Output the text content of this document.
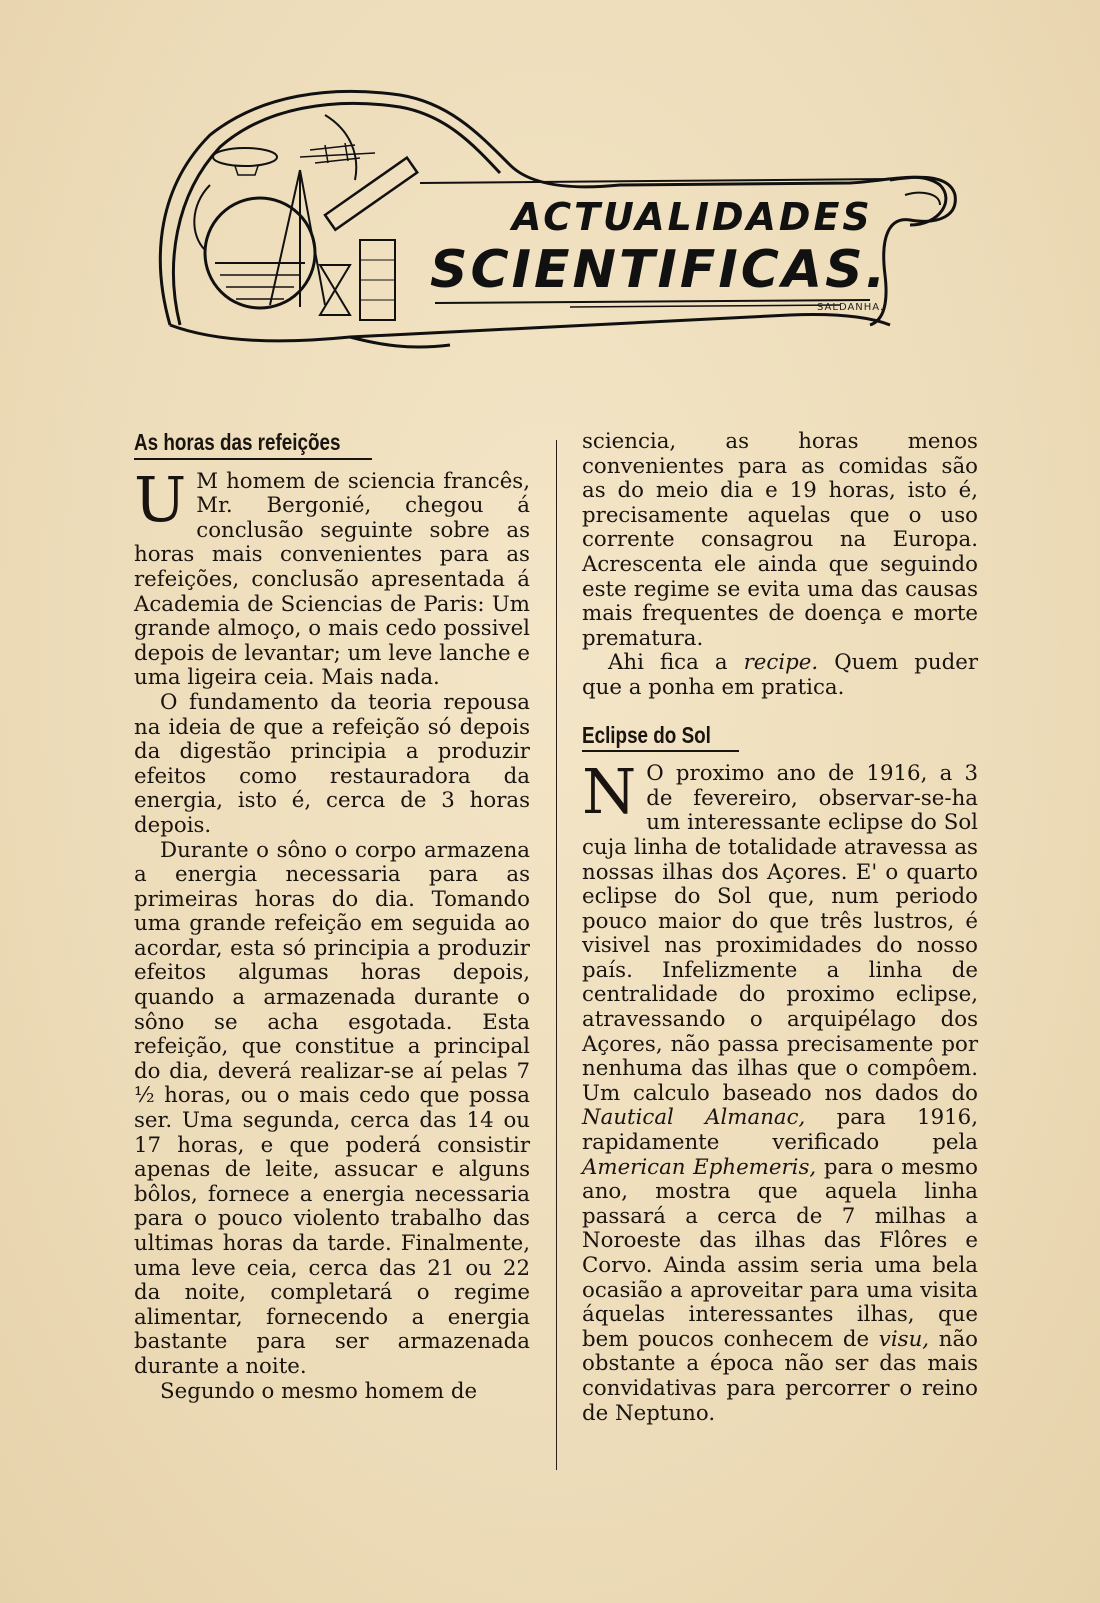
ACTUALIDADES
SCIENTIFICAS.
SALDANHA.
As horas das refeições

U M homem de sciencia francês, Mr. Bergonié, chegou á conclusão seguinte sobre as horas mais convenientes para as refeições, conclusão apresentada á Academia de Sciencias de Paris: Um grande almoço, o mais cedo possivel depois de levantar; um leve lanche e uma ligeira ceia. Mais nada.

O fundamento da teoria repousa na ideia de que a refeição só depois da digestão principia a produzir efeitos como restauradora da energia, isto é, cerca de 3 horas depois.

Durante o sôno o corpo armazena a energia necessaria para as primeiras horas do dia. Tomando uma grande refeição em seguida ao acordar, esta só principia a produzir efeitos algumas horas depois, quando a armazenada durante o sôno se acha esgotada. Esta refeição, que constitue a principal do dia, deverá realizar-se aí pelas 7 ½ horas, ou o mais cedo que possa ser. Uma segunda, cerca das 14 ou 17 horas, e que poderá consistir apenas de leite, assucar e alguns bôlos, fornece a energia necessaria para o pouco violento trabalho das ultimas horas da tarde. Finalmente, uma leve ceia, cerca das 21 ou 22 da noite, completará o regime alimentar, fornecendo a energia bastante para ser armazenada durante a noite.

Segundo o mesmo homem de

sciencia, as horas menos convenientes para as comidas são as do meio dia e 19 horas, isto é, precisamente aquelas que o uso corrente consagrou na Europa. Acrescenta ele ainda que seguindo este regime se evita uma das causas mais frequentes de doença e morte prematura.

Ahi fica a recipe. Quem puder que a ponha em pratica.

Eclipse do Sol

N O proximo ano de 1916, a 3 de fevereiro, observar-se-ha um interessante eclipse do Sol cuja linha de totalidade atravessa as nossas ilhas dos Açores. E' o quarto eclipse do Sol que, num periodo pouco maior do que três lustros, é visivel nas proximidades do nosso país. Infelizmente a linha de centralidade do proximo eclipse, atravessando o arquipélago dos Açores, não passa precisamente por nenhuma das ilhas que o compôem. Um calculo baseado nos dados do Nautical Almanac, para 1916, rapidamente verificado pela American Ephemeris, para o mesmo ano, mostra que aquela linha passará a cerca de 7 milhas a Noroeste das ilhas das Flôres e Corvo. Ainda assim seria uma bela ocasião a aproveitar para uma visita áquelas interessantes ilhas, que bem poucos conhecem de visu, não obstante a época não ser das mais convidativas para percorrer o reino de Neptuno.
